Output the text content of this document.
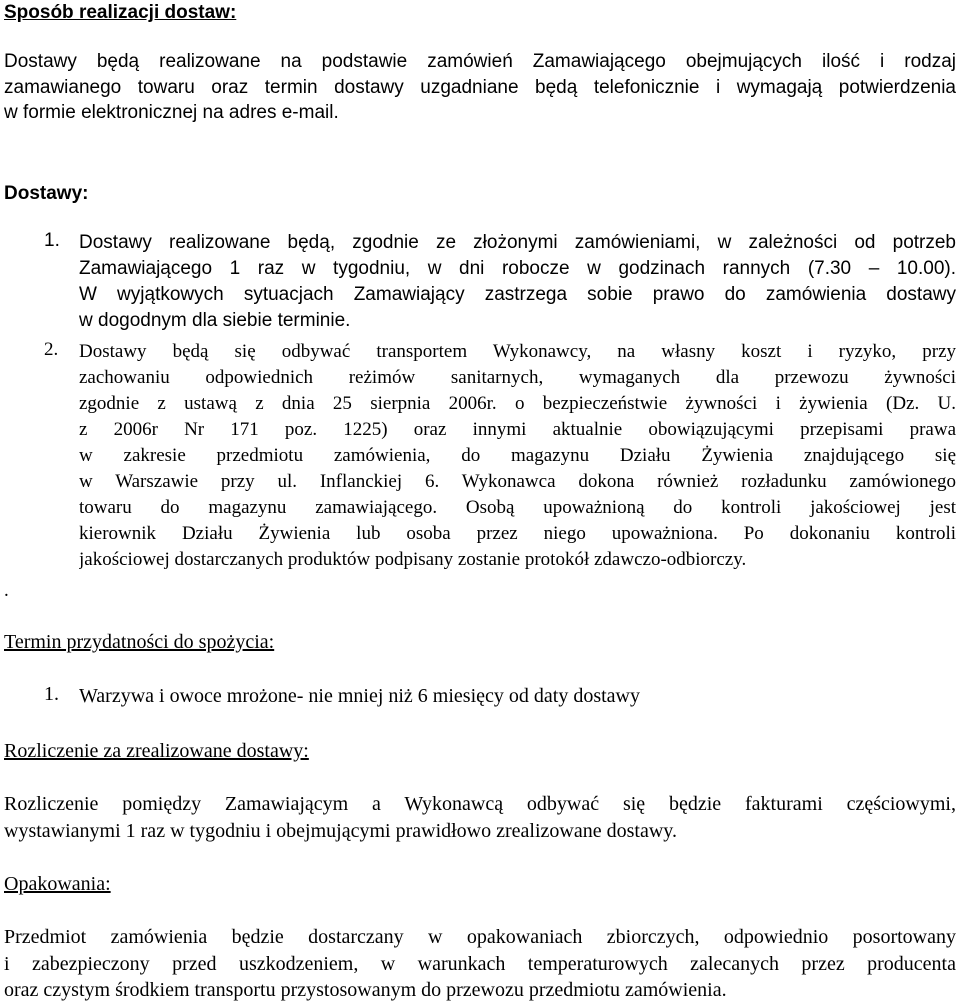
Sposób realizacji dostaw:
Dostawy będą realizowane na podstawie zamówień Zamawiającego obejmujących ilość i rodzaj
zamawianego towaru oraz termin dostawy uzgadniane będą telefonicznie i wymagają potwierdzenia
w formie elektronicznej na adres e-mail.
Dostawy:
1.	Dostawy realizowane będą, zgodnie ze złożonymi zamówieniami, w zależności od potrzeb
Zamawiającego 1 raz w tygodniu, w dni robocze w godzinach rannych (7.30 – 10.00).
W wyjątkowych sytuacjach Zamawiający zastrzega sobie prawo do zamówienia dostawy
w dogodnym dla siebie terminie.
2.	Dostawy będą się odbywać transportem Wykonawcy, na własny koszt i ryzyko, przy
zachowaniu odpowiednich reżimów sanitarnych, wymaganych dla przewozu żywności
zgodnie z ustawą z dnia 25 sierpnia 2006r. o bezpieczeństwie żywności i żywienia (Dz. U.
z 2006r Nr 171 poz. 1225) oraz innymi aktualnie obowiązującymi przepisami prawa
w zakresie przedmiotu zamówienia, do magazynu Działu Żywienia znajdującego się
w Warszawie przy ul. Inflanckiej 6. Wykonawca dokona również rozładunku zamówionego
towaru do magazynu zamawiającego. Osobą upoważnioną do kontroli jakościowej jest
kierownik Działu Żywienia lub osoba przez niego upoważniona. Po dokonaniu kontroli
jakościowej dostarczanych produktów podpisany zostanie protokół zdawczo-odbiorczy.
.
Termin przydatności do spożycia:
1.	Warzywa i owoce mrożone- nie mniej niż 6 miesięcy od daty dostawy
Rozliczenie za zrealizowane dostawy:
Rozliczenie pomiędzy Zamawiającym a Wykonawcą odbywać się będzie fakturami częściowymi,
wystawianymi 1 raz w tygodniu i obejmującymi prawidłowo zrealizowane dostawy.
Opakowania:
Przedmiot zamówienia będzie dostarczany w opakowaniach zbiorczych, odpowiednio posortowany
i zabezpieczony przed uszkodzeniem, w warunkach temperaturowych zalecanych przez producenta
oraz czystym środkiem transportu przystosowanym do przewozu przedmiotu zamówienia.
